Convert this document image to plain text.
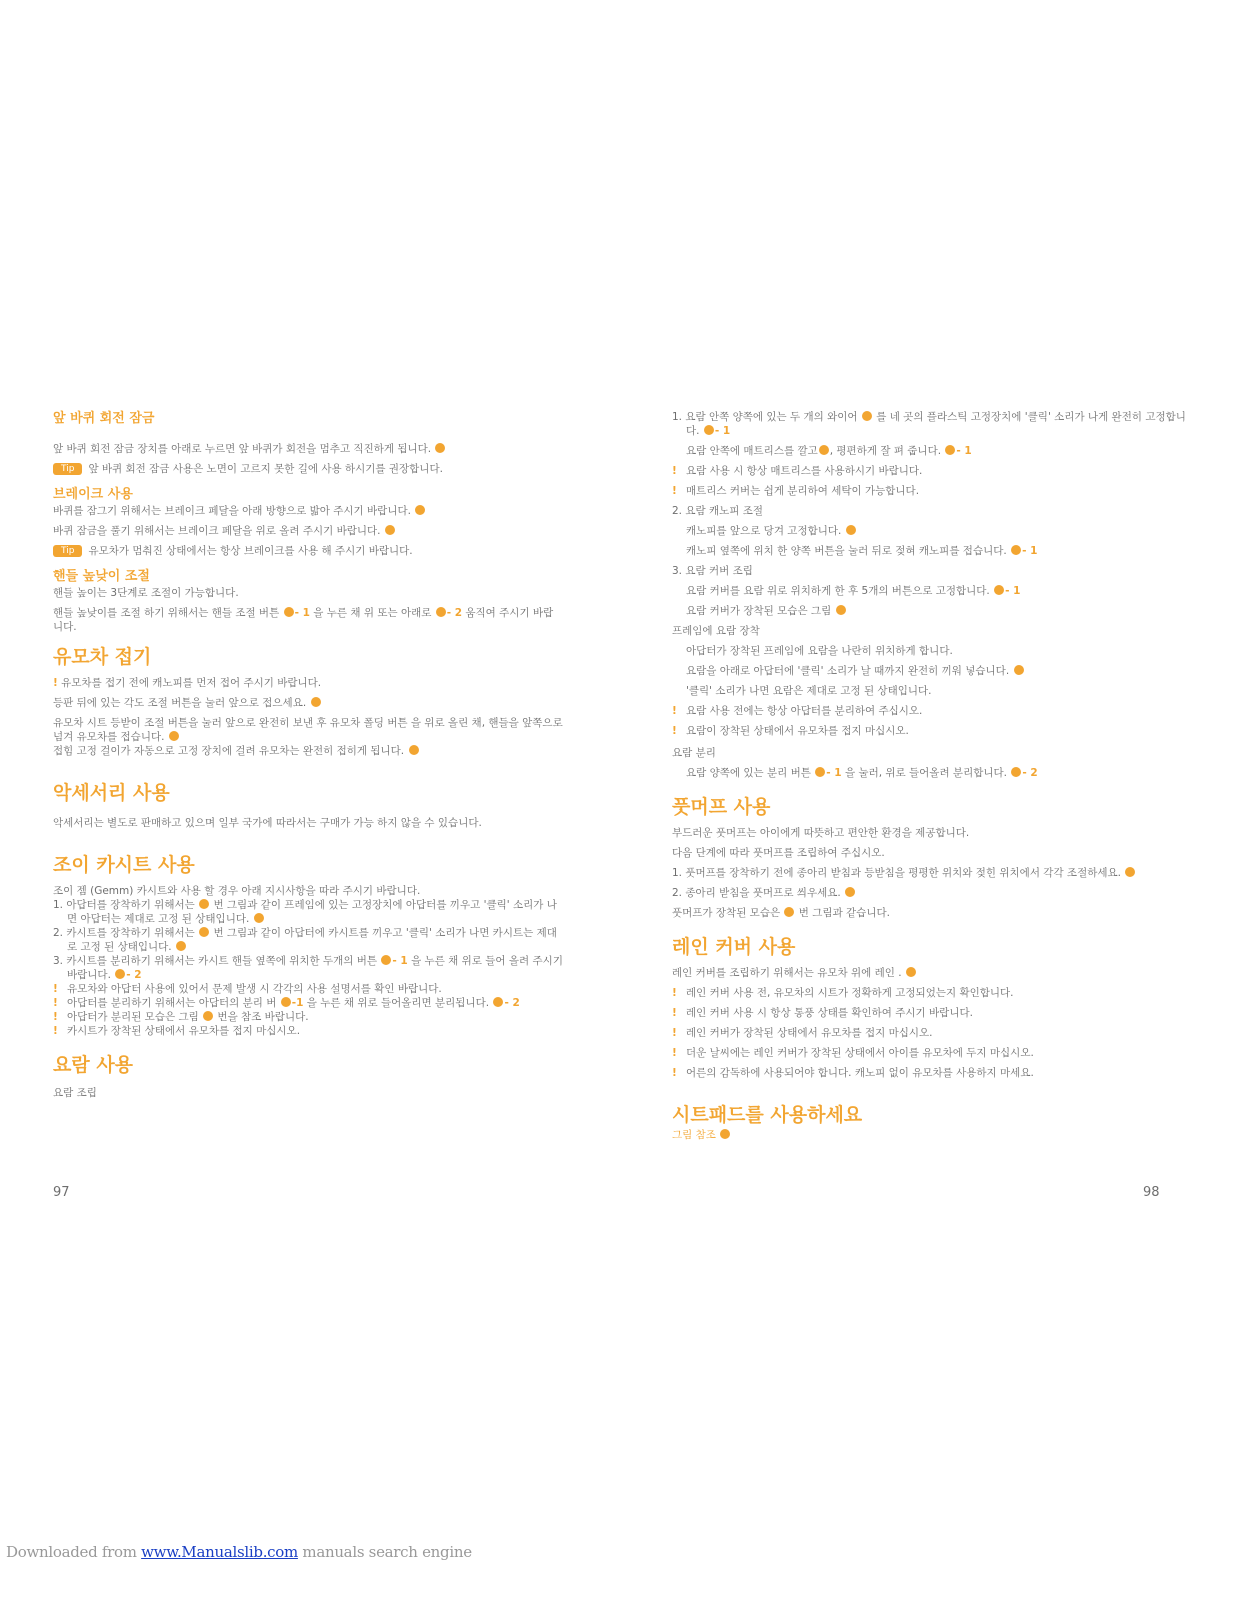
앞 바퀴 회전 잠금

앞 바퀴 회전 잠금 장치를 아래로 누르면 앞 바퀴가 회전을 멈추고 직진하게 됩니다.

Tip 앞 바퀴 회전 잠금 사용은 노면이 고르지 못한 길에 사용 하시기를 권장합니다.

브레이크 사용

바퀴를 잠그기 위해서는 브레이크 페달을 아래 방향으로 밟아 주시기 바랍니다.

바퀴 잠금을 풀기 위해서는 브레이크 페달을 위로 올려 주시기 바랍니다.

Tip 유모차가 멈춰진 상태에서는 항상 브레이크를 사용 해 주시기 바랍니다.

핸들 높낮이 조절

핸들 높이는 3단계로 조절이 가능합니다.

핸들 높낮이를 조절 하기 위해서는 핸들 조절 버튼 - 1 을 누른 채 위 또는 아래로 - 2 움직여 주시기 바랍니다.

유모차 접기

! 유모차를 접기 전에 캐노피를 먼저 접어 주시기 바랍니다.

등판 뒤에 있는 각도 조절 버튼을 눌러 앞으로 접으세요.

유모차 시트 등받이 조절 버튼을 눌러 앞으로 완전히 보낸 후 유모차 폴딩 버튼 을 위로 올린 채, 핸들을 앞쪽으로 넘겨 유모차를 접습니다.

접힘 고정 걸이가 자동으로 고정 장치에 걸려 유모차는 완전히 접히게 됩니다.

악세서리 사용

악세서리는 별도로 판매하고 있으며 일부 국가에 따라서는 구매가 가능 하지 않을 수 있습니다.

조이 카시트 사용

조이 젬 (Gemm) 카시트와 사용 할 경우 아래 지시사항을 따라 주시기 바랍니다.

1. 아답터를 장착하기 위해서는 번 그림과 같이 프레임에 있는 고정장치에 아답터를 끼우고 '클릭' 소리가 나면 아답터는 제대로 고정 된 상태입니다.

2. 카시트를 장착하기 위해서는 번 그림과 같이 아답터에 카시트를 끼우고 '클릭' 소리가 나면 카시트는 제대로 고정 된 상태입니다.

3. 카시트를 분리하기 위해서는 카시트 핸들 옆쪽에 위치한 두개의 버튼 - 1 을 누른 채 위로 들어 올려 주시기 바랍니다. - 2

! 유모차와 아답터 사용에 있어서 문제 발생 시 각각의 사용 설명서를 확인 바랍니다.

! 아답터를 분리하기 위해서는 아답터의 분리 버 -1 을 누른 채 위로 들어올리면 분리됩니다. - 2

! 아답터가 분리된 모습은 그림 번을 참조 바랍니다.

! 카시트가 장착된 상태에서 유모차를 접지 마십시오.

요람 사용

요람 조립

1. 요람 안쪽 양쪽에 있는 두 개의 와이어 를 네 곳의 플라스틱 고정장치에 '클릭' 소리가 나게 완전히 고정합니다. - 1

요람 안쪽에 매트리스를 깔고 , 평편하게 잘 펴 줍니다. - 1

! 요람 사용 시 항상 매트리스를 사용하시기 바랍니다.

! 매트리스 커버는 쉽게 분리하여 세탁이 가능합니다.

2. 요람 캐노피 조절

캐노피를 앞으로 당겨 고정합니다.

캐노피 옆쪽에 위치 한 양쪽 버튼을 눌러 뒤로 젖혀 캐노피를 접습니다. - 1

3. 요람 커버 조립

요람 커버를 요람 위로 위치하게 한 후 5개의 버튼으로 고정합니다. - 1

요람 커버가 장착된 모습은 그림

프레임에 요람 장착

아답터가 장착된 프레임에 요람을 나란히 위치하게 합니다.

요람을 아래로 아답터에 '클릭' 소리가 날 때까지 완전히 끼워 넣습니다.

'클릭' 소리가 나면 요람은 제대로 고정 된 상태입니다.

! 요람 사용 전에는 항상 아답터를 분리하여 주십시오.

! 요람이 장착된 상태에서 유모차를 접지 마십시오.

요람 분리

요람 양쪽에 있는 분리 버튼 - 1 을 눌러, 위로 들어올려 분리합니다. - 2

풋머프 사용

부드러운 풋머프는 아이에게 따뜻하고 편안한 환경을 제공합니다.

다음 단계에 따라 풋머프를 조립하여 주십시오.

1. 풋머프를 장착하기 전에 종아리 받침과 등받침을 평평한 위치와 젖힌 위치에서 각각 조절하세요.

2. 종아리 받침을 풋머프로 씌우세요.

풋머프가 장착된 모습은 번 그림과 같습니다.

레인 커버 사용

레인 커버를 조립하기 위해서는 유모차 위에 레인 .

! 레인 커버 사용 전, 유모차의 시트가 정확하게 고정되었는지 확인합니다.

! 레인 커버 사용 시 항상 통풍 상태를 확인하여 주시기 바랍니다.

! 레인 커버가 장착된 상태에서 유모차를 접지 마십시오.

! 더운 날씨에는 레인 커버가 장착된 상태에서 아이를 유모차에 두지 마십시오.

! 어른의 감독하에 사용되어야 합니다. 캐노피 없이 유모차를 사용하지 마세요.

시트패드를 사용하세요

그림 참조

97	98
Downloaded from www.Manualslib.com manuals search engine
